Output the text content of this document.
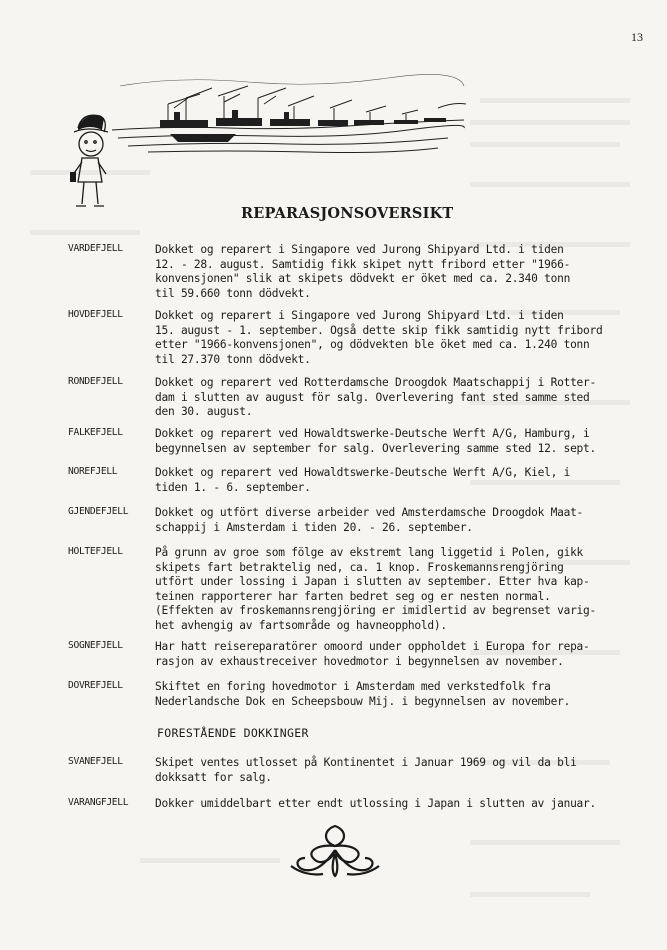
13
REPARASJONSOVERSIKT
VARDEFJELL	Dokket og reparert i Singapore ved Jurong Shipyard Ltd. i tiden
12. - 28. august. Samtidig fikk skipet nytt fribord etter "1966-
konvensjonen" slik at skipets dödvekt er öket med ca. 2.340 tonn
til 59.660 tonn dödvekt.

HOVDEFJELL	Dokket og reparert i Singapore ved Jurong Shipyard Ltd. i tiden
15. august - 1. september. Også dette skip fikk samtidig nytt fribord
etter "1966-konvensjonen", og dödvekten ble öket med ca. 1.240 tonn
til 27.370 tonn dödvekt.

RONDEFJELL	Dokket og reparert ved Rotterdamsche Droogdok Maatschappij i Rotter-
dam i slutten av august för salg. Overlevering fant sted samme sted
den 30. august.

FALKEFJELL	Dokket og reparert ved Howaldtswerke-Deutsche Werft A/G, Hamburg, i
begynnelsen av september for salg. Overlevering samme sted 12. sept.

NOREFJELL	Dokket og reparert ved Howaldtswerke-Deutsche Werft A/G, Kiel, i
tiden 1. - 6. september.

GJENDEFJELL Dokket og utfört diverse arbeider ved Amsterdamsche Droogdok Maat-
schappij i Amsterdam i tiden 20. - 26. september.

HOLTEFJELL	På grunn av groe som fölge av ekstremt lang liggetid i Polen, gikk
skipets fart betraktelig ned, ca. 1 knop. Froskemannsrengjöring
utfört under lossing i Japan i slutten av september. Etter hva kap-
teinen rapporterer har farten bedret seg og er nesten normal.
(Effekten av froskemannsrengjöring er imidlertid av begrenset varig-
het avhengig av fartsområde og havneopphold).

SOGNEFJELL	Har hatt reisereparatörer omoord under oppholdet i Europa for repa-
rasjon av exhaustreceiver hovedmotor i begynnelsen av november.

DOVREFJELL	Skiftet en foring hovedmotor i Amsterdam med verkstedfolk fra
Nederlandsche Dok en Scheepsbouw Mij. i begynnelsen av november.

FORESTÅENDE DOKKINGER
SVANEFJELL	Skipet ventes utlosset på Kontinentet i Januar 1969 og vil da bli
dokksatt for salg.

VARANGFJELL Dokker umiddelbart etter endt utlossing i Japan i slutten av januar.
